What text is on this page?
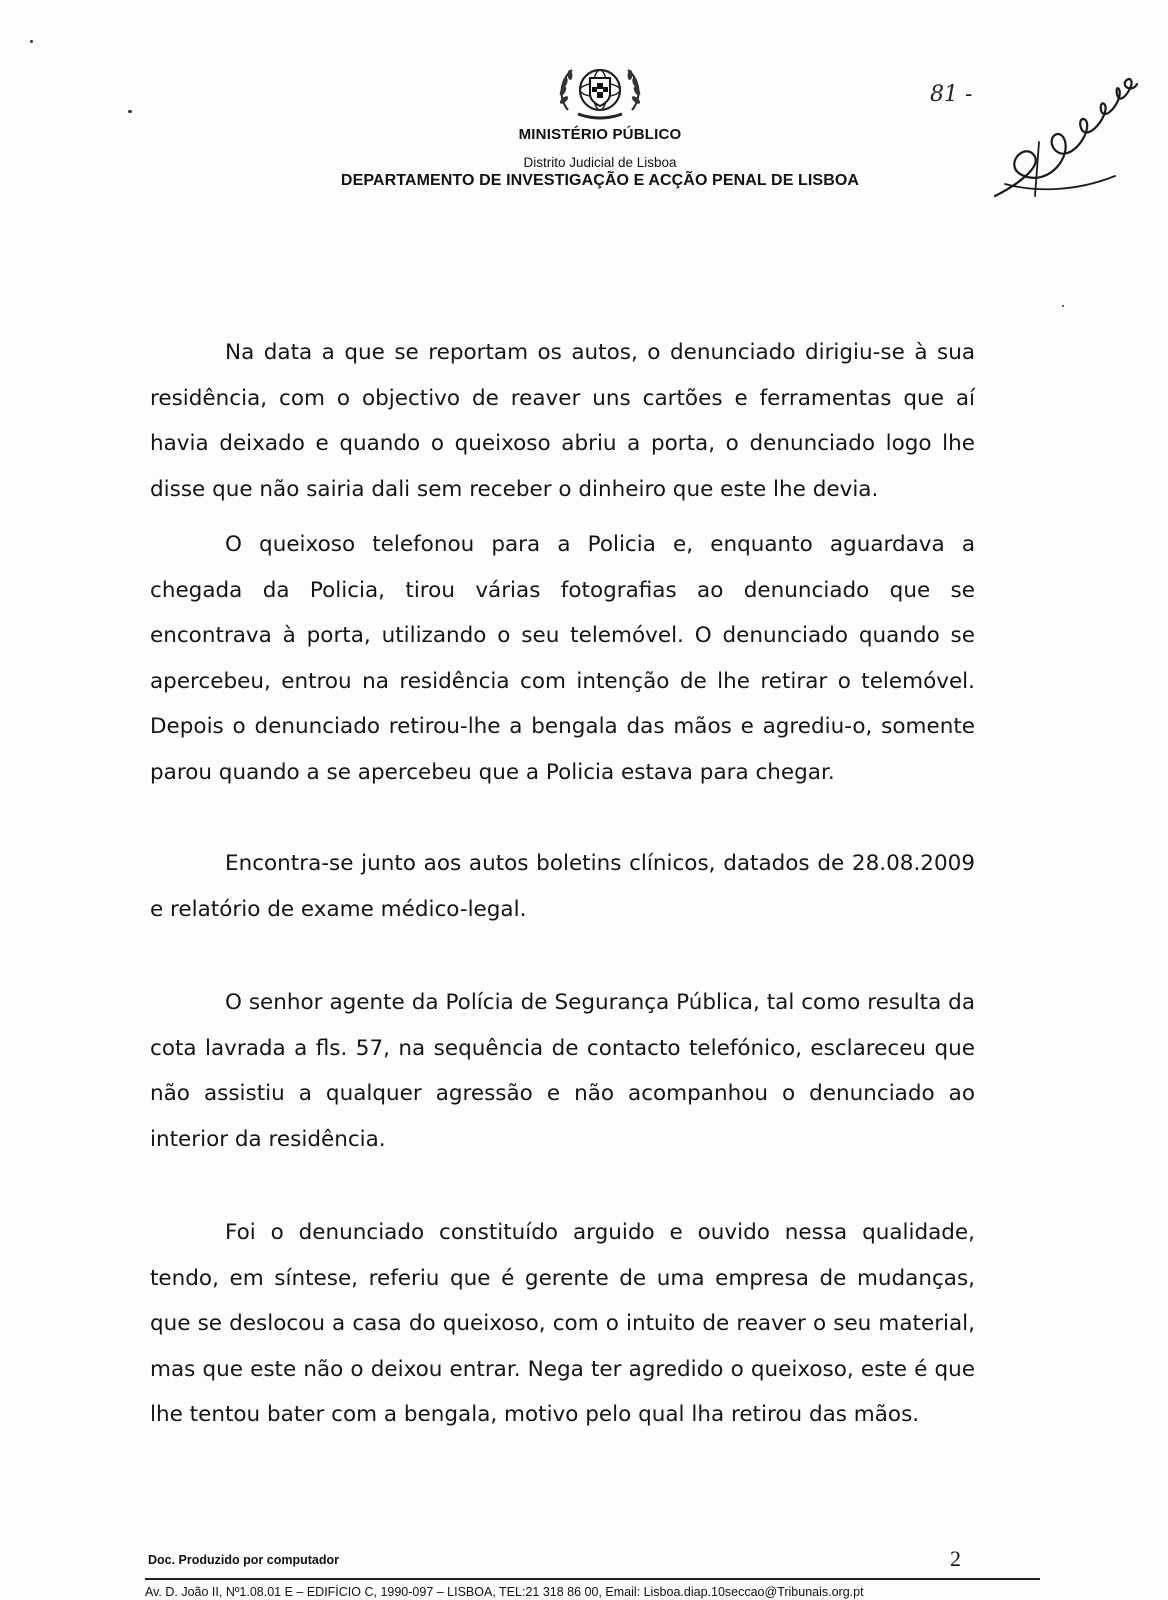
MINISTÉRIO PÚBLICO
Distrito Judicial de Lisboa
DEPARTAMENTO DE INVESTIGAÇÃO E ACÇÃO PENAL DE LISBOA
81 -

Na data a que se reportam os autos, o denunciado dirigiu-se à sua residência, com o objectivo de reaver uns cartões e ferramentas que aí havia deixado e quando o queixoso abriu a porta, o denunciado logo lhe disse que não sairia dali sem receber o dinheiro que este lhe devia.

O queixoso telefonou para a Policia e, enquanto aguardava a chegada da Policia, tirou várias fotografias ao denunciado que se encontrava à porta, utilizando o seu telemóvel. O denunciado quando se apercebeu, entrou na residência com intenção de lhe retirar o telemóvel. Depois o denunciado retirou-lhe a bengala das mãos e agrediu-o, somente parou quando a se apercebeu que a Policia estava para chegar.

Encontra-se junto aos autos boletins clínicos, datados de 28.08.2009 e relatório de exame médico-legal.

O senhor agente da Polícia de Segurança Pública, tal como resulta da cota lavrada a fls. 57, na sequência de contacto telefónico, esclareceu que não assistiu a qualquer agressão e não acompanhou o denunciado ao interior da residência.

Foi o denunciado constituído arguido e ouvido nessa qualidade, tendo, em síntese, referiu que é gerente de uma empresa de mudanças, que se deslocou a casa do queixoso, com o intuito de reaver o seu material, mas que este não o deixou entrar. Nega ter agredido o queixoso, este é que lhe tentou bater com a bengala, motivo pelo qual lha retirou das mãos.

Doc. Produzido por computador	2
Av. D. João II, Nº1.08.01 E – EDIFÍCIO C, 1990-097 – LISBOA, TEL:21 318 86 00, Email: Lisboa.diap.10seccao@Tribunais.org.pt
